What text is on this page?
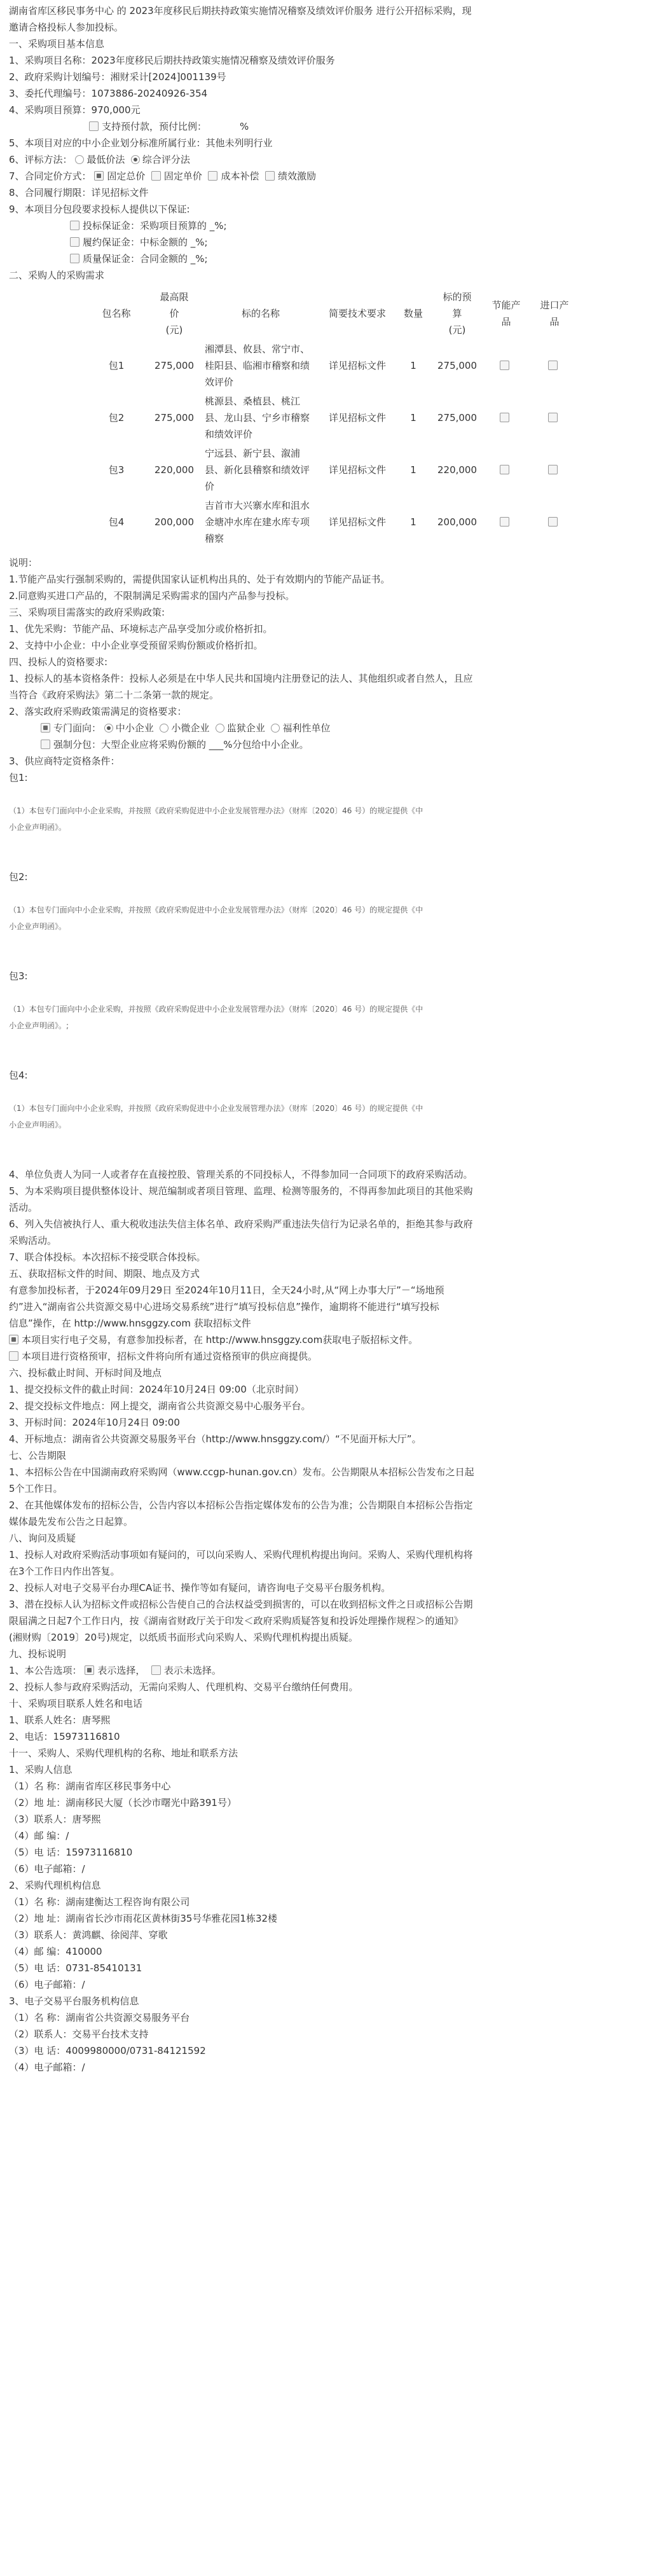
湖南省库区移民事务中心 的 2023年度移民后期扶持政策实施情况稽察及绩效评价服务 进行公开招标采购，现

邀请合格投标人参加投标。

一、采购项目基本信息

1、采购项目名称：2023年度移民后期扶持政策实施情况稽察及绩效评价服务

2、政府采购计划编号：湘财采计[2024]001139号

3、委托代理编号：1073886-20240926-354

4、采购项目预算：970,000元

支持预付款，预付比例：	%

5、本项目对应的中小企业划分标准所属行业：其他未列明行业

6、评标方法： 最低价法 综合评分法

7、合同定价方式： 固定总价 固定单价 成本补偿 绩效激励

8、合同履行期限：详见招标文件

9、本项目分包段要求投标人提供以下保证:

投标保证金：采购项目预算的 _%;

履约保证金：中标金额的 _%;

质量保证金：合同金额的 _%;

二、采购人的采购需求

包名称	最高限
价
(元)	标的名称	简要技术要求	数量	标的预
算
(元)	节能产
品	进口产
品
包1	275,000	湘潭县、攸县、常宁市、
桂阳县、临湘市稽察和绩
效评价	详见招标文件	1	275,000		
包2	275,000	桃源县、桑植县、桃江
县、龙山县、宁乡市稽察
和绩效评价	详见招标文件	1	275,000		
包3	220,000	宁远县、新宁县、溆浦
县、新化县稽察和绩效评
价	详见招标文件	1	220,000		
包4	200,000	吉首市大兴寨水库和沮水
金塘冲水库在建水库专项
稽察	详见招标文件	1	200,000		

说明：

1.节能产品实行强制采购的，需提供国家认证机构出具的、处于有效期内的节能产品证书。

2.同意购买进口产品的，不限制满足采购需求的国内产品参与投标。

三、采购项目需落实的政府采购政策:

1、优先采购：节能产品、环境标志产品享受加分或价格折扣。

2、支持中小企业：中小企业享受预留采购份额或价格折扣。

四、投标人的资格要求:

1、投标人的基本资格条件：投标人必须是在中华人民共和国境内注册登记的法人、其他组织或者自然人，且应

当符合《政府采购法》第二十二条第一款的规定。

2、落实政府采购政策需满足的资格要求：

专门面向： 中小企业 小微企业 监狱企业 福利性单位

强制分包：大型企业应将采购份额的 ___%分包给中小企业。

3、供应商特定资格条件：

包1:

（1）本包专门面向中小企业采购，并按照《政府采购促进中小企业发展管理办法》（财库〔2020〕46 号）的规定提供《中

小企业声明函》。

包2:

（1）本包专门面向中小企业采购，并按照《政府采购促进中小企业发展管理办法》（财库〔2020〕46 号）的规定提供《中

小企业声明函》。

包3:

（1）本包专门面向中小企业采购，并按照《政府采购促进中小企业发展管理办法》（财库〔2020〕46 号）的规定提供《中

小企业声明函》。;

包4:

（1）本包专门面向中小企业采购，并按照《政府采购促进中小企业发展管理办法》（财库〔2020〕46 号）的规定提供《中

小企业声明函》。

4、单位负责人为同一人或者存在直接控股、管理关系的不同投标人，不得参加同一合同项下的政府采购活动。

5、为本采购项目提供整体设计、规范编制或者项目管理、监理、检测等服务的，不得再参加此项目的其他采购

活动。

6、列入失信被执行人、重大税收违法失信主体名单、政府采购严重违法失信行为记录名单的，拒绝其参与政府

采购活动。

7、联合体投标。本次招标不接受联合体投标。

五、获取招标文件的时间、期限、地点及方式

有意参加投标者，于2024年09月29日 至2024年10月11日，全天24小时,从“网上办事大厅”－“场地预

约”进入“湖南省公共资源交易中心进场交易系统”进行“填写投标信息”操作，逾期将不能进行“填写投标

信息”操作，在 http://www.hnsggzy.com 获取招标文件

本项目实行电子交易，有意参加投标者，在 http://www.hnsggzy.com获取电子版招标文件。

本项目进行资格预审，招标文件将向所有通过资格预审的供应商提供。

六、投标截止时间、开标时间及地点

1、提交投标文件的截止时间：2024年10月24日 09:00（北京时间）

2、提交投标文件地点：网上提交，湖南省公共资源交易中心服务平台。

3、开标时间：2024年10月24日 09:00

4、开标地点：湖南省公共资源交易服务平台（http://www.hnsggzy.com/）“不见面开标大厅”。

七、公告期限

1、本招标公告在中国湖南政府采购网（www.ccgp-hunan.gov.cn）发布。公告期限从本招标公告发布之日起

5个工作日。

2、在其他媒体发布的招标公告，公告内容以本招标公告指定媒体发布的公告为准；公告期限自本招标公告指定

媒体最先发布公告之日起算。

八、询问及质疑

1、投标人对政府采购活动事项如有疑问的，可以向采购人、采购代理机构提出询问。采购人、采购代理机构将

在3个工作日内作出答复。

2、投标人对电子交易平台办理CA证书、操作等如有疑问，请咨询电子交易平台服务机构。

3、潜在投标人认为招标文件或招标公告使自己的合法权益受到损害的，可以在收到招标文件之日或招标公告期

限届满之日起7个工作日内，按《湖南省财政厅关于印发＜政府采购质疑答复和投诉处理操作规程＞的通知》

(湘财购〔2019〕20号)规定，以纸质书面形式向采购人、采购代理机构提出质疑。

九、投标说明

1、本公告选项： 表示选择， 表示未选择。

2、投标人参与政府采购活动，无需向采购人、代理机构、交易平台缴纳任何费用。

十、采购项目联系人姓名和电话

1、联系人姓名：唐琴熙

2、电话：15973116810

十一、采购人、采购代理机构的名称、地址和联系方法

1、采购人信息

（1）名 称：湖南省库区移民事务中心

（2）地 址：湖南移民大厦（长沙市曙光中路391号）

（3）联系人：唐琴熙

（4）邮 编：/

（5）电 话：15973116810

（6）电子邮箱：/

2、采购代理机构信息

（1）名 称：湖南建衡达工程咨询有限公司

（2）地 址：湖南省长沙市雨花区黄林街35号华雅花园1栋32楼

（3）联系人：黄鸿麒、徐阅萍、穿歌

（4）邮 编：410000

（5）电 话：0731-85410131

（6）电子邮箱：/

3、电子交易平台服务机构信息

（1）名 称：湖南省公共资源交易服务平台

（2）联系人：交易平台技术支持

（3）电 话：4009980000/0731-84121592

（4）电子邮箱：/
